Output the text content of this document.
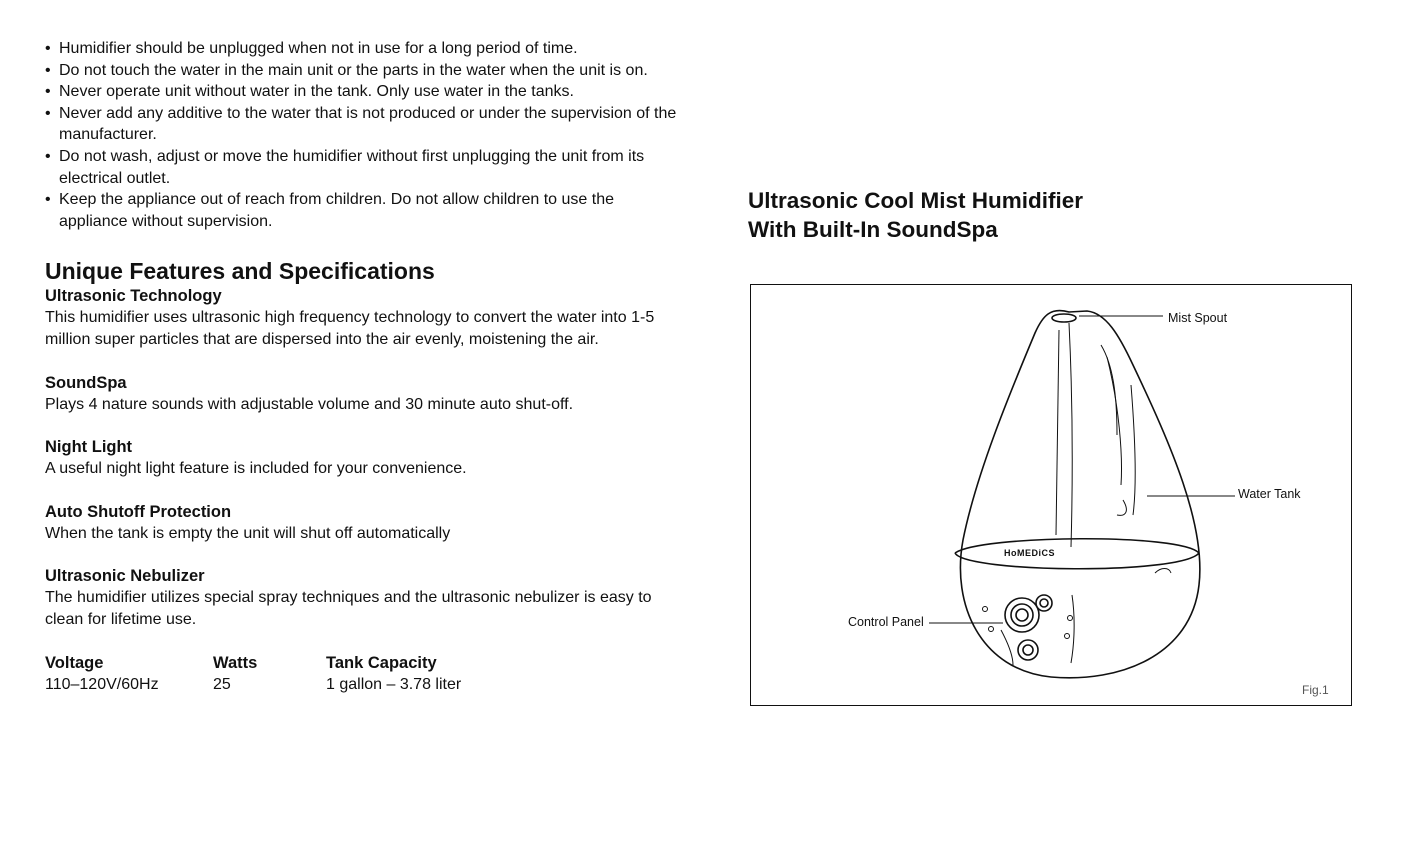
• Humidifier should be unplugged when not in use for a long period of time.
• Do not touch the water in the main unit or the parts in the water when the unit is on.
• Never operate unit without water in the tank. Only use water in the tanks.
• Never add any additive to the water that is not produced or under the supervision of the manufacturer.
• Do not wash, adjust or move the humidifier without first unplugging the unit from its electrical outlet.
• Keep the appliance out of reach from children. Do not allow children to use the appliance without supervision.
Unique Features and Specifications
Ultrasonic Technology

This humidifier uses ultrasonic high frequency technology to convert the water into 1-5 million super particles that are dispersed into the air evenly, moistening the air.

SoundSpa

Plays 4 nature sounds with adjustable volume and 30 minute auto shut-off.

Night Light

A useful night light feature is included for your convenience.

Auto Shutoff Protection

When the tank is empty the unit will shut off automatically

Ultrasonic Nebulizer

The humidifier utilizes special spray techniques and the ultrasonic nebulizer is easy to clean for lifetime use.

Voltage
110–120V/60Hz
Watts
25
Tank Capacity
1 gallon – 3.78 liter
Ultrasonic Cool Mist Humidifier
With Built-In SoundSpa
HoMEDiCS
Mist Spout
Water Tank
Control Panel
Fig.1
